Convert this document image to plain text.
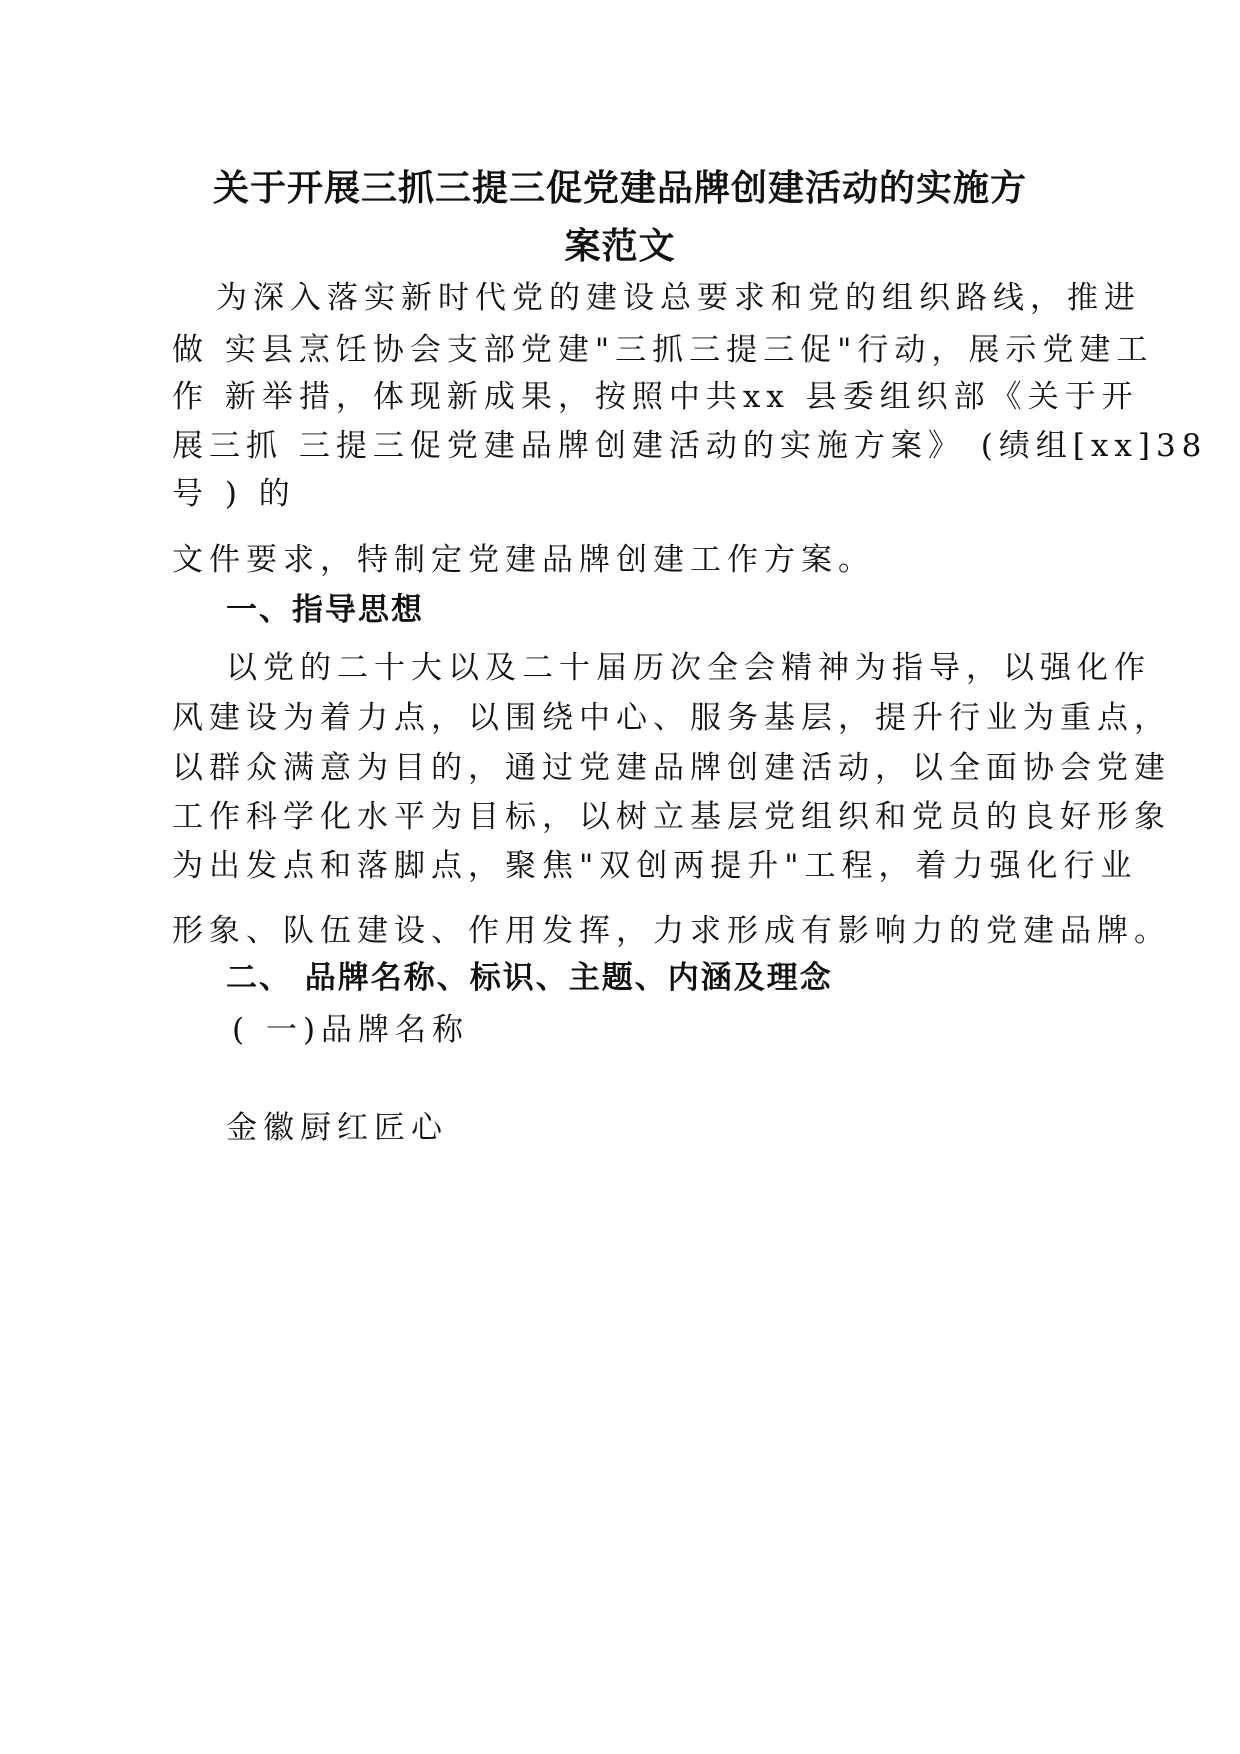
关于开展三抓三提三促党建品牌创建活动的实施方
案范文
为深入落实新时代党的建设总要求和党的组织路线，推进
做 实县烹饪协会支部党建"三抓三提三促"行动，展示党建工
作 新举措，体现新成果，按照中共xx 县委组织部《关于开
展三抓 三提三促党建品牌创建活动的实施方案》 (绩组[xx]38
号 ) 的
文件要求，特制定党建品牌创建工作方案。
一、指导思想
以党的二十大以及二十届历次全会精神为指导，以强化作
风建设为着力点，以围绕中心、服务基层，提升行业为重点，
以群众满意为目的，通过党建品牌创建活动，以全面协会党建
工作科学化水平为目标，以树立基层党组织和党员的良好形象
为出发点和落脚点，聚焦"双创两提升"工程，着力强化行业
形象、队伍建设、作用发挥，力求形成有影响力的党建品牌。
二、 品牌名称、标识、主题、内涵及理念
( 一)品牌名称
金徽厨红匠心
